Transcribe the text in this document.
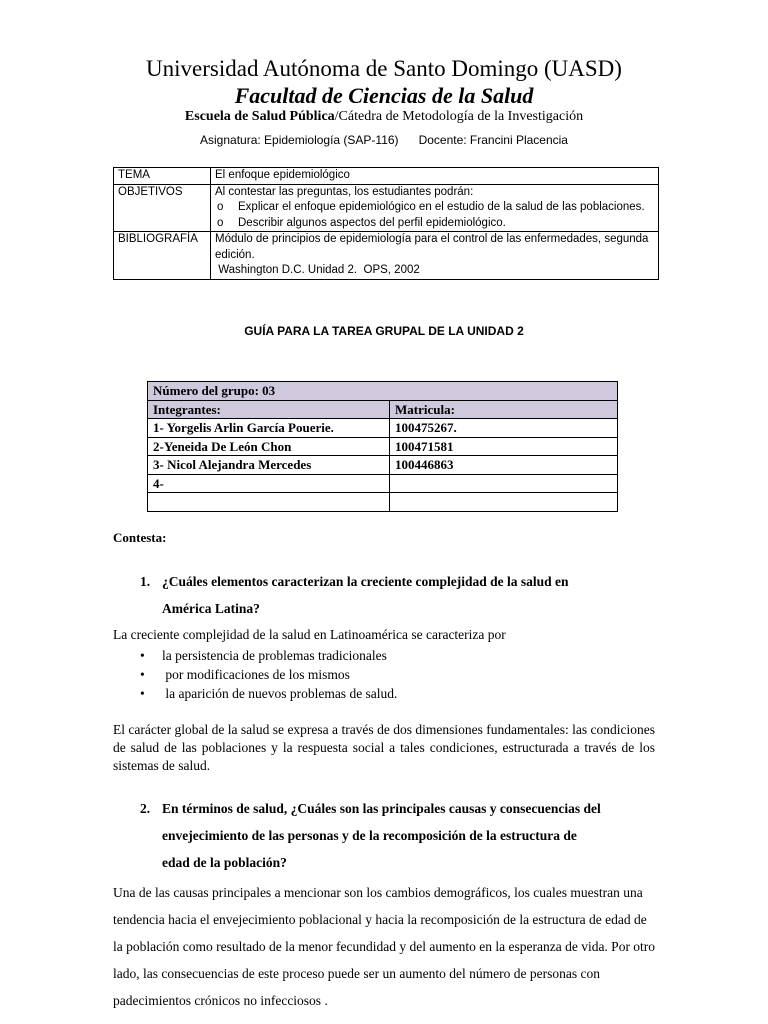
Universidad Autónoma de Santo Domingo (UASD)
Facultad de Ciencias de la Salud
Escuela de Salud Pública/Cátedra de Metodología de la Investigación
Asignatura: Epidemiología (SAP-116) Docente: Francini Placencia
TEMA	El enfoque epidemiológico
OBJETIVOS	Al contestar las preguntas, los estudiantes podrán:
o Explicar el enfoque epidemiológico en el estudio de la salud de las poblaciones.
o Describir algunos aspectos del perfil epidemiológico.

BIBLIOGRAFÍA	Módulo de principios de epidemiología para el control de las enfermedades, segunda edición.
Washington D.C. Unidad 2.  OPS, 2002
GUÍA PARA LA TAREA GRUPAL DE LA UNIDAD 2
Número del grupo: 03	
Integrantes:	Matricula:
1- Yorgelis Arlin García Pouerie.	100475267.
2-Yeneida De León Chon	100471581
3- Nicol Alejandra Mercedes	100446863
4-	

Contesta:
1. ¿Cuáles elementos caracterizan la creciente complejidad de la salud en
América Latina?
La creciente complejidad de la salud en Latinoamérica se caracteriza por
• la persistencia de problemas tradicionales
• por modificaciones de los mismos
• la aparición de nuevos problemas de salud.
El carácter global de la salud se expresa a través de dos dimensiones fundamentales: las condiciones de salud de las poblaciones y la respuesta social a tales condiciones, estructurada a través de los sistemas de salud.
2. En términos de salud, ¿Cuáles son las principales causas y consecuencias del
envejecimiento de las personas y de la recomposición de la estructura de
edad de la población?
Una de las causas principales a mencionar son los cambios demográficos, los cuales muestran una tendencia hacia el envejecimiento poblacional y hacia la recomposición de la estructura de edad de la población como resultado de la menor fecundidad y del aumento en la esperanza de vida. Por otro lado, las consecuencias de este proceso puede ser un aumento del número de personas con padecimientos crónicos no infecciosos .
